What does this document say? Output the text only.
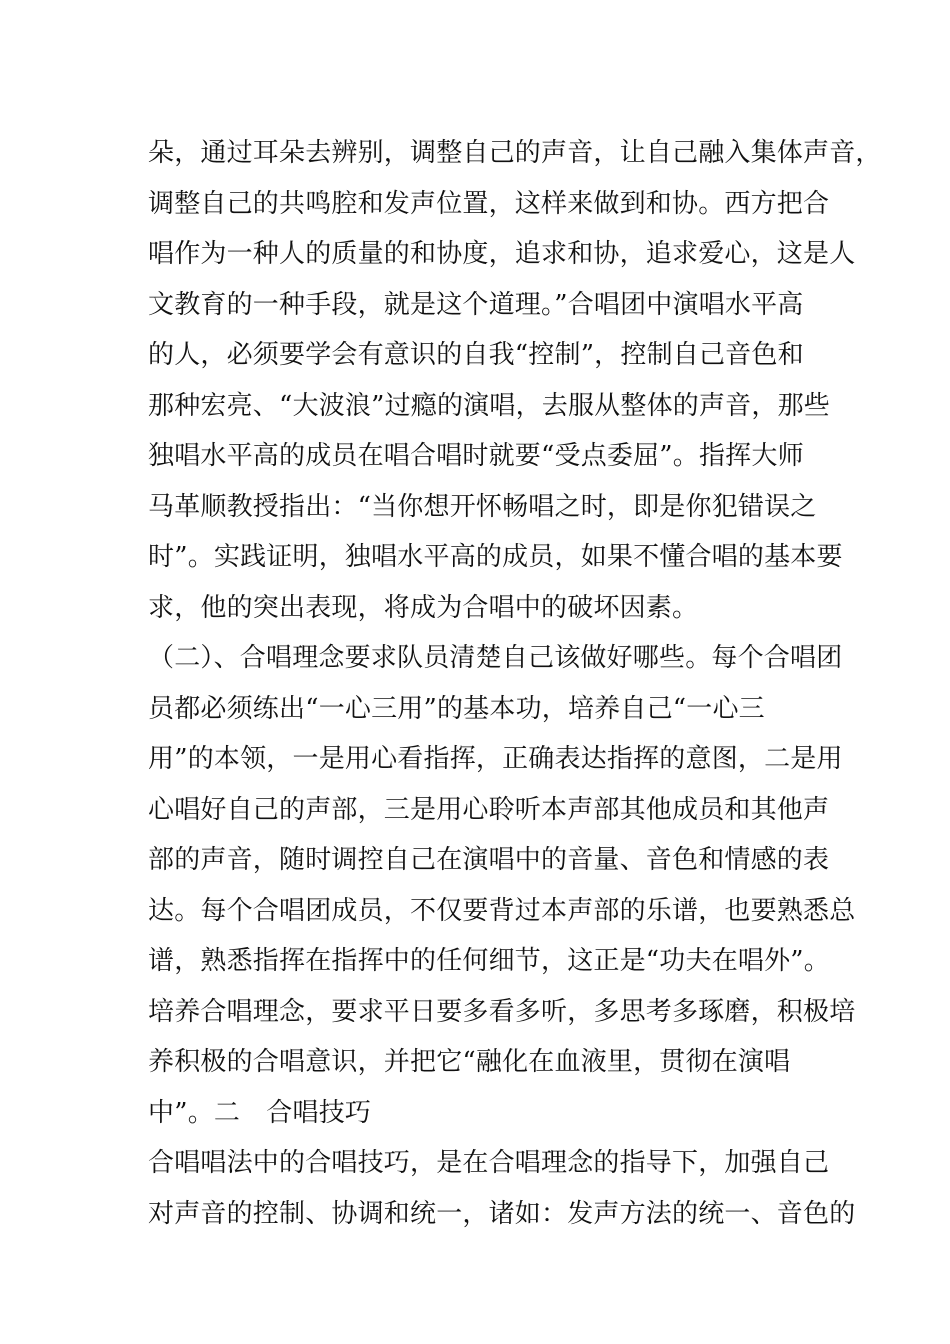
朵，通过耳朵去辨别，调整自己的声音，让自己融入集体声音，
调整自己的共鸣腔和发声位置，这样来做到和协。西方把合
唱作为一种人的质量的和协度，追求和协，追求爱心，这是人
文教育的一种手段，就是这个道理。”合唱团中演唱水平高
的人，必须要学会有意识的自我“控制”，控制自己音色和
那种宏亮、“大波浪”过瘾的演唱，去服从整体的声音，那些
独唱水平高的成员在唱合唱时就要“受点委屈”。指挥大师
马革顺教授指出：“当你想开怀畅唱之时，即是你犯错误之
时”。实践证明，独唱水平高的成员，如果不懂合唱的基本要
求，他的突出表现，将成为合唱中的破坏因素。
（二）、合唱理念要求队员清楚自己该做好哪些。每个合唱团
员都必须练出“一心三用”的基本功，培养自己“一心三
用”的本领，一是用心看指挥，正确表达指挥的意图，二是用
心唱好自己的声部，三是用心聆听本声部其他成员和其他声
部的声音，随时调控自己在演唱中的音量、音色和情感的表
达。每个合唱团成员，不仅要背过本声部的乐谱，也要熟悉总
谱，熟悉指挥在指挥中的任何细节，这正是“功夫在唱外”。
培养合唱理念，要求平日要多看多听，多思考多琢磨，积极培
养积极的合唱意识，并把它“融化在血液里，贯彻在演唱
中”。二　合唱技巧
合唱唱法中的合唱技巧，是在合唱理念的指导下，加强自己
对声音的控制、协调和统一，诸如：发声方法的统一、音色的
